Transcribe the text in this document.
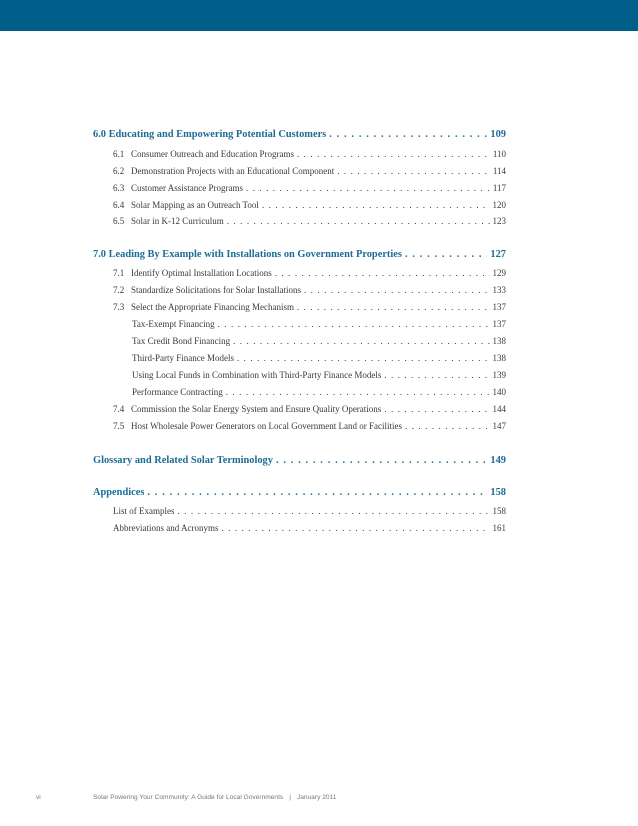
6.0 Educating and Empowering Potential Customers . . .	109
6.1 Consumer Outreach and Education Programs . . .	110
6.2 Demonstration Projects with an Educational Component . . .	114
6.3 Customer Assistance Programs . . .	117
6.4 Solar Mapping as an Outreach Tool . . .	120
6.5 Solar in K-12 Curriculum . . .	123
7.0 Leading By Example with Installations on Government Properties . . .	127
7.1 Identify Optimal Installation Locations . . .	129
7.2 Standardize Solicitations for Solar Installations . . .	133
7.3 Select the Appropriate Financing Mechanism . . .	137
Tax-Exempt Financing . . .	137
Tax Credit Bond Financing . . .	138
Third-Party Finance Models . . .	138
Using Local Funds in Combination with Third-Party Finance Models . . .	139
Performance Contracting . . .	140
7.4 Commission the Solar Energy System and Ensure Quality Operations . . .	144
7.5 Host Wholesale Power Generators on Local Government Land or Facilities . . .	147
Glossary and Related Solar Terminology . . .	149
Appendices . . .	158
List of Examples . . .	158
Abbreviations and Acronyms . . .	161
vi	Solar Powering Your Community: A Guide for Local Governments | January 2011
